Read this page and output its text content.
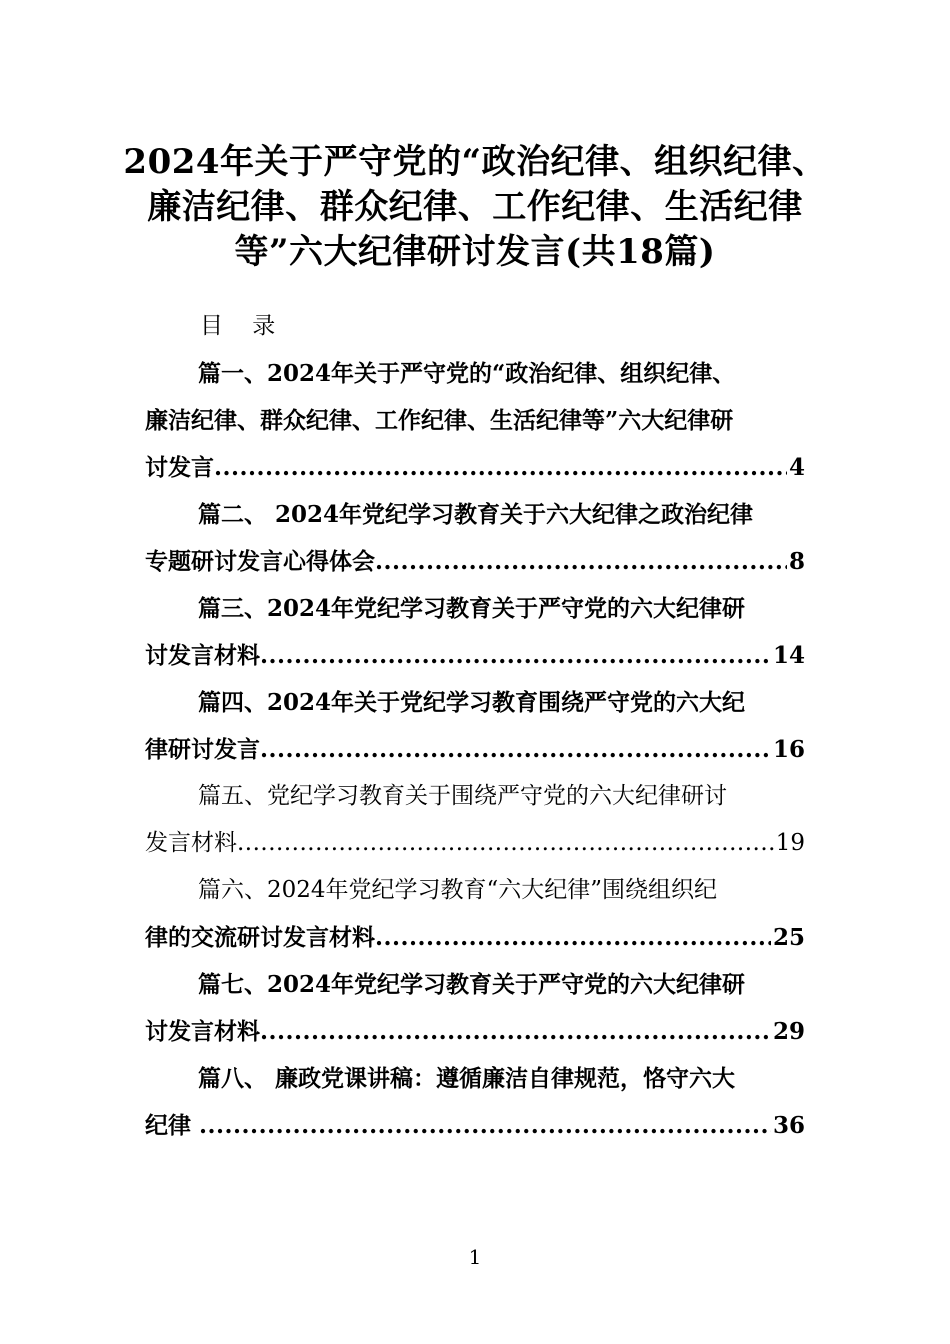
2024年关于严守党的“政治纪律、组织纪律、
廉洁纪律、群众纪律、工作纪律、生活纪律
等”六大纪律研讨发言(共18篇)
目    录
篇一、2024年关于严守党的“政治纪律、组织纪律、
廉洁纪律、群众纪律、工作纪律、生活纪律等”六大纪律研
讨发言 .....	4
篇二、 2024年党纪学习教育关于六大纪律之政治纪律
专题研讨发言心得体会 .....	8
篇三、2024年党纪学习教育关于严守党的六大纪律研
讨发言材料 .....	14
篇四、2024年关于党纪学习教育围绕严守党的六大纪
律研讨发言 .....	16
篇五、党纪学习教育关于围绕严守党的六大纪律研讨
发言材料 .....	19
篇六、2024年党纪学习教育“六大纪律”围绕组织纪
律的交流研讨发言材料 .....	25
篇七、2024年党纪学习教育关于严守党的六大纪律研
讨发言材料 .....	29
篇八、 廉政党课讲稿：遵循廉洁自律规范，恪守六大
纪律 .....	36
1
